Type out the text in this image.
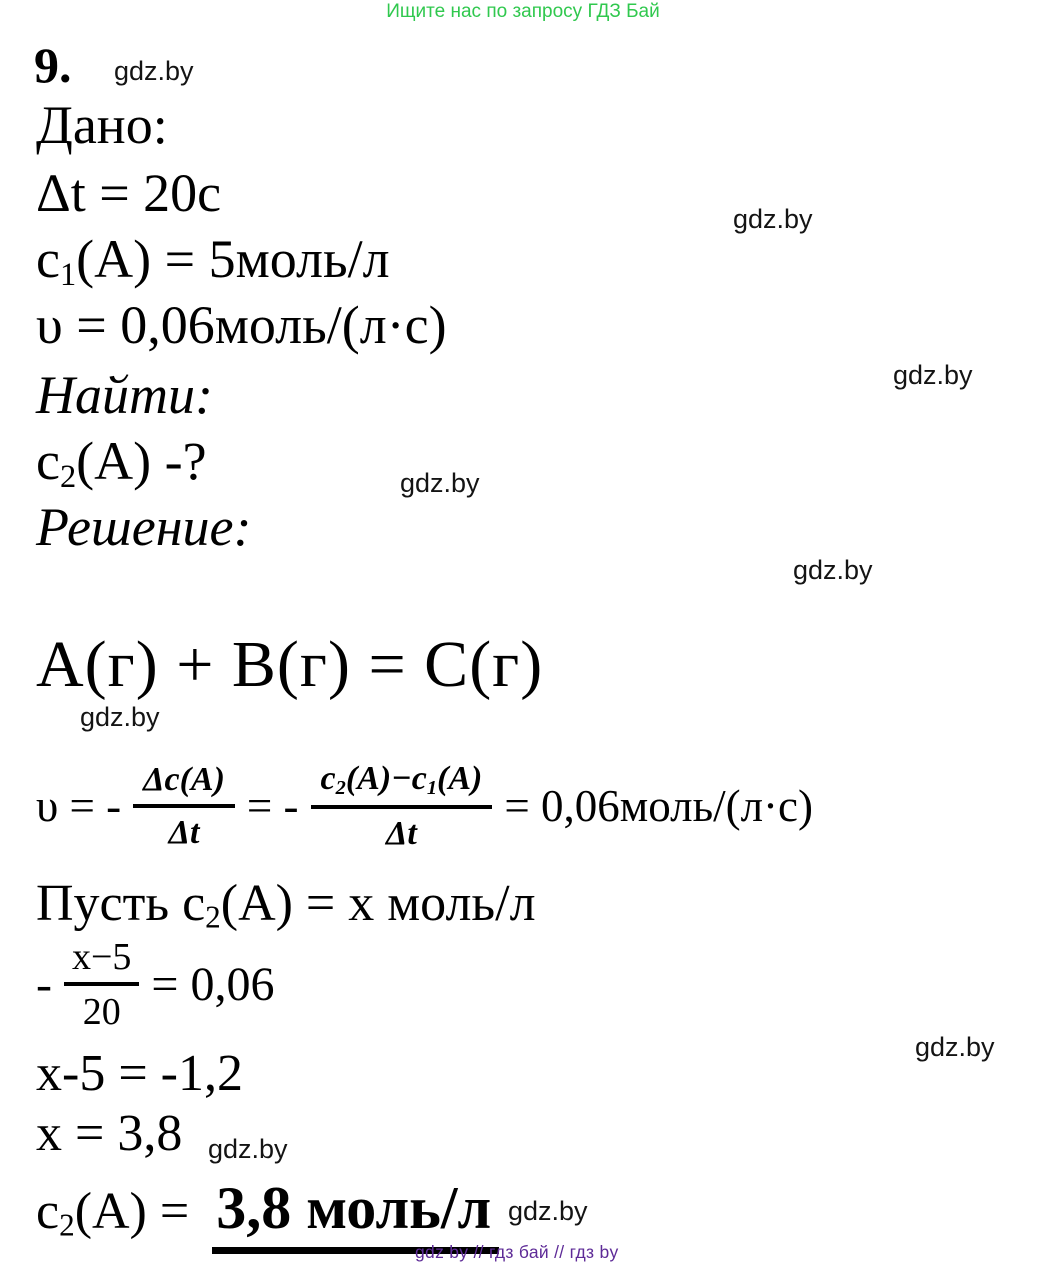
Ищите нас по запросу ГДЗ Бай
9. gdz.by
Дано:
Δt = 20с
$c_1(А)$ = 5моль/л
υ = 0,06моль/(л·с)
gdz.by
Найти:	gdz.by
$c_2(А)$ -?	gdz.by
Решение:
gdz.by
А(г) + В(г) = С(г)
gdz.by
υ = - $\frac{\Delta c(А)}{\Delta t}$ = - $\frac{c_2(А)-c_1(А)}{\Delta t}$ = 0,06моль/(л·с)
Пусть $c_2(А) = x$ моль/л
- $\frac{x-5}{20} = 0,06$
x-5 = -1,2	gdz.by
x = 3,8 gdz.by
$c_2(А) = 3,8$ моль/л gdz.by
gdz by // гдз бай // гдз by
